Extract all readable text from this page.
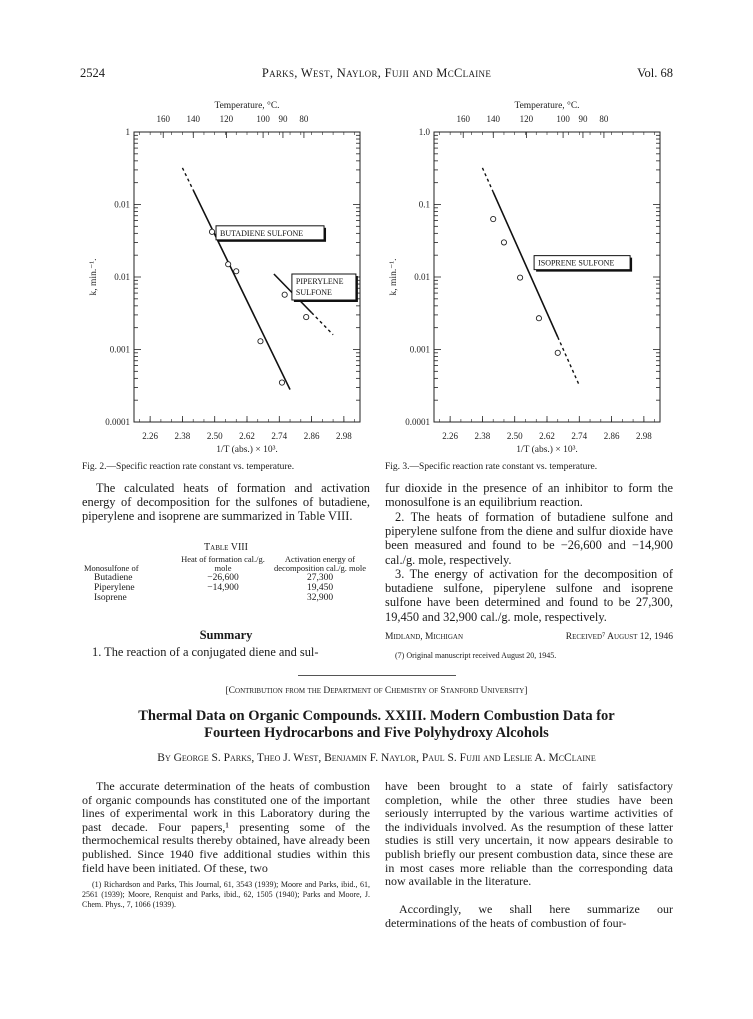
2524	Parks, West, Naylor, Fujii and McClaine	Vol. 68
1
0.01
0.01
0.001
0.0001
2.26 2.38 2.50 2.62 2.74 2.86 2.98
160 140 120	100 90 80
Temperature, °C.
1/T (abs.) × 10³.
k, min.⁻¹.
BUTADIENE SULFONE
PIPERYLENE
SULFONE
1.0
0.1
0.01
0.001
0.0001
2.26 2.38 2.50 2.62 2.74 2.86 2.98
160 140 120	100 90 80
Temperature, °C.
1/T (abs.) × 10³.
k, min.⁻¹.	ISOPRENE SULFONE
Fig. 2.—Specific reaction rate constant vs. temperature.	Fig. 3.—Specific reaction rate constant vs. temperature.
The calculated heats of formation and activation energy of decomposition for the sulfones of butadiene, piperylene and isoprene are summarized in Table VIII.
Table VIII
Monosulfone of	Heat of formation cal./g. mole	Activation energy of decomposition cal./g. mole
Butadiene	−26,600	27,300
Piperylene	−14,900	19,450
Isoprene		32,900
Summary
1. The reaction of a conjugated diene and sul-
fur dioxide in the presence of an inhibitor to form the monosulfone is an equilibrium reaction.
2. The heats of formation of butadiene sulfone and piperylene sulfone from the diene and sulfur dioxide have been measured and found to be −26,600 and −14,900 cal./g. mole, respectively.
3. The energy of activation for the decomposition of butadiene sulfone, piperylene sulfone and isoprene sulfone have been determined and found to be 27,300, 19,450 and 32,900 cal./g. mole, respectively.
Midland, Michigan	Received⁷ August 12, 1946
(7) Original manuscript received August 20, 1945.
[Contribution from the Department of Chemistry of Stanford University]
Thermal Data on Organic Compounds. XXIII. Modern Combustion Data for
Fourteen Hydrocarbons and Five Polyhydroxy Alcohols
By George S. Parks, Theo J. West, Benjamin F. Naylor, Paul S. Fujii and Leslie A. McClaine
The accurate determination of the heats of combustion of organic compounds has constituted one of the important lines of experimental work in this Laboratory during the past decade. Four papers,¹ presenting some of the thermochemical results thereby obtained, have already been published. Since 1940 five additional studies within this field have been initiated. Of these, two
(1) Richardson and Parks, This Journal, 61, 3543 (1939); Moore and Parks, ibid., 61, 2561 (1939); Moore, Renquist and Parks, ibid., 62, 1505 (1940); Parks and Moore, J. Chem. Phys., 7, 1066 (1939).
have been brought to a state of fairly satisfactory completion, while the other three studies have been seriously interrupted by the various wartime activities of the individuals involved. As the resumption of these latter studies is still very uncertain, it now appears desirable to publish briefly our present combustion data, since these are in most cases more reliable than the corresponding data now available in the literature.
Accordingly, we shall here summarize our determinations of the heats of combustion of four-
